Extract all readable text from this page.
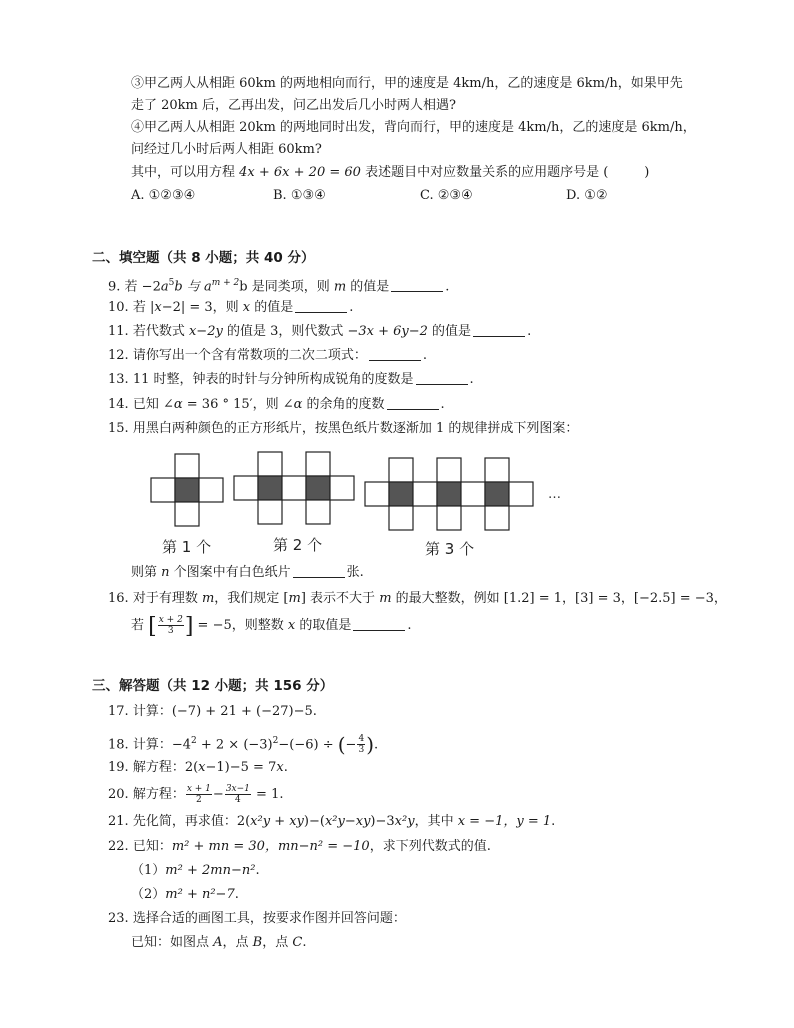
③甲乙两人从相距 60km 的两地相向而行，甲的速度是 4km/h，乙的速度是 6km/h，如果甲先
走了 20km 后，乙再出发，问乙出发后几小时两人相遇?
④甲乙两人从相距 20km 的两地同时出发，背向而行，甲的速度是 4km/h，乙的速度是 6km/h，
问经过几小时后两人相距 60km?
其中，可以用方程 4x + 6x + 20 = 60 表述题目中对应数量关系的应用题序号是 (	)
A. ①②③④	B. ①③④	C. ②③④	D. ①②
二、填空题（共 8 小题；共 40 分）
9. 若 $-2a^5b$ 与 $a^{m + 2}b$ 是同类项，则 m 的值是	.
10. 若 |x−2| = 3，则 x 的值是	.
11. 若代数式 x−2y 的值是 3，则代数式 −3x + 6y−2 的值是	.
12. 请你写出一个含有常数项的二次二项式：	.
13. 11 时整，钟表的时针与分钟所构成锐角的度数是	.
14. 已知 ∠α = 36 ° 15′，则 ∠α 的余角的度数	.
15. 用黑白两种颜色的正方形纸片，按黑色纸片数逐渐加 1 的规律拼成下列图案：
…
第 1 个	第 2 个	第 3 个
则第 n 个图案中有白色纸片	张.
16. 对于有理数 m，我们规定 [m] 表示不大于 m 的最大整数，例如 [1.2] = 1，[3] = 3，[−2.5] = −3，
若 [ $\frac{x + 2}{3}$ ] = −5，则整数 x 的取值是	.
三、解答题（共 12 小题；共 156 分）
17. 计算：(−7) + 21 + (−27)−5.
18. 计算：$-4^2 + 2 \times (-3)^2-(-6)$ ÷ (− $\frac{4}{3}$ ).
19. 解方程：2(x−1)−5 = 7x.
20. 解方程： $\frac{x + 1}{2} - \frac{3x-1}{4} = 1$.
21. 先化简，再求值：2(x²y + xy)−(x²y−xy)−3x²y，其中 x = −1，y = 1.
22. 已知：m² + mn = 30，mn−n² = −10，求下列代数式的值.
（1）m² + 2mn−n².
（2）m² + n²−7.
23. 选择合适的画图工具，按要求作图并回答问题：
已知：如图点 A，点 B，点 C.
